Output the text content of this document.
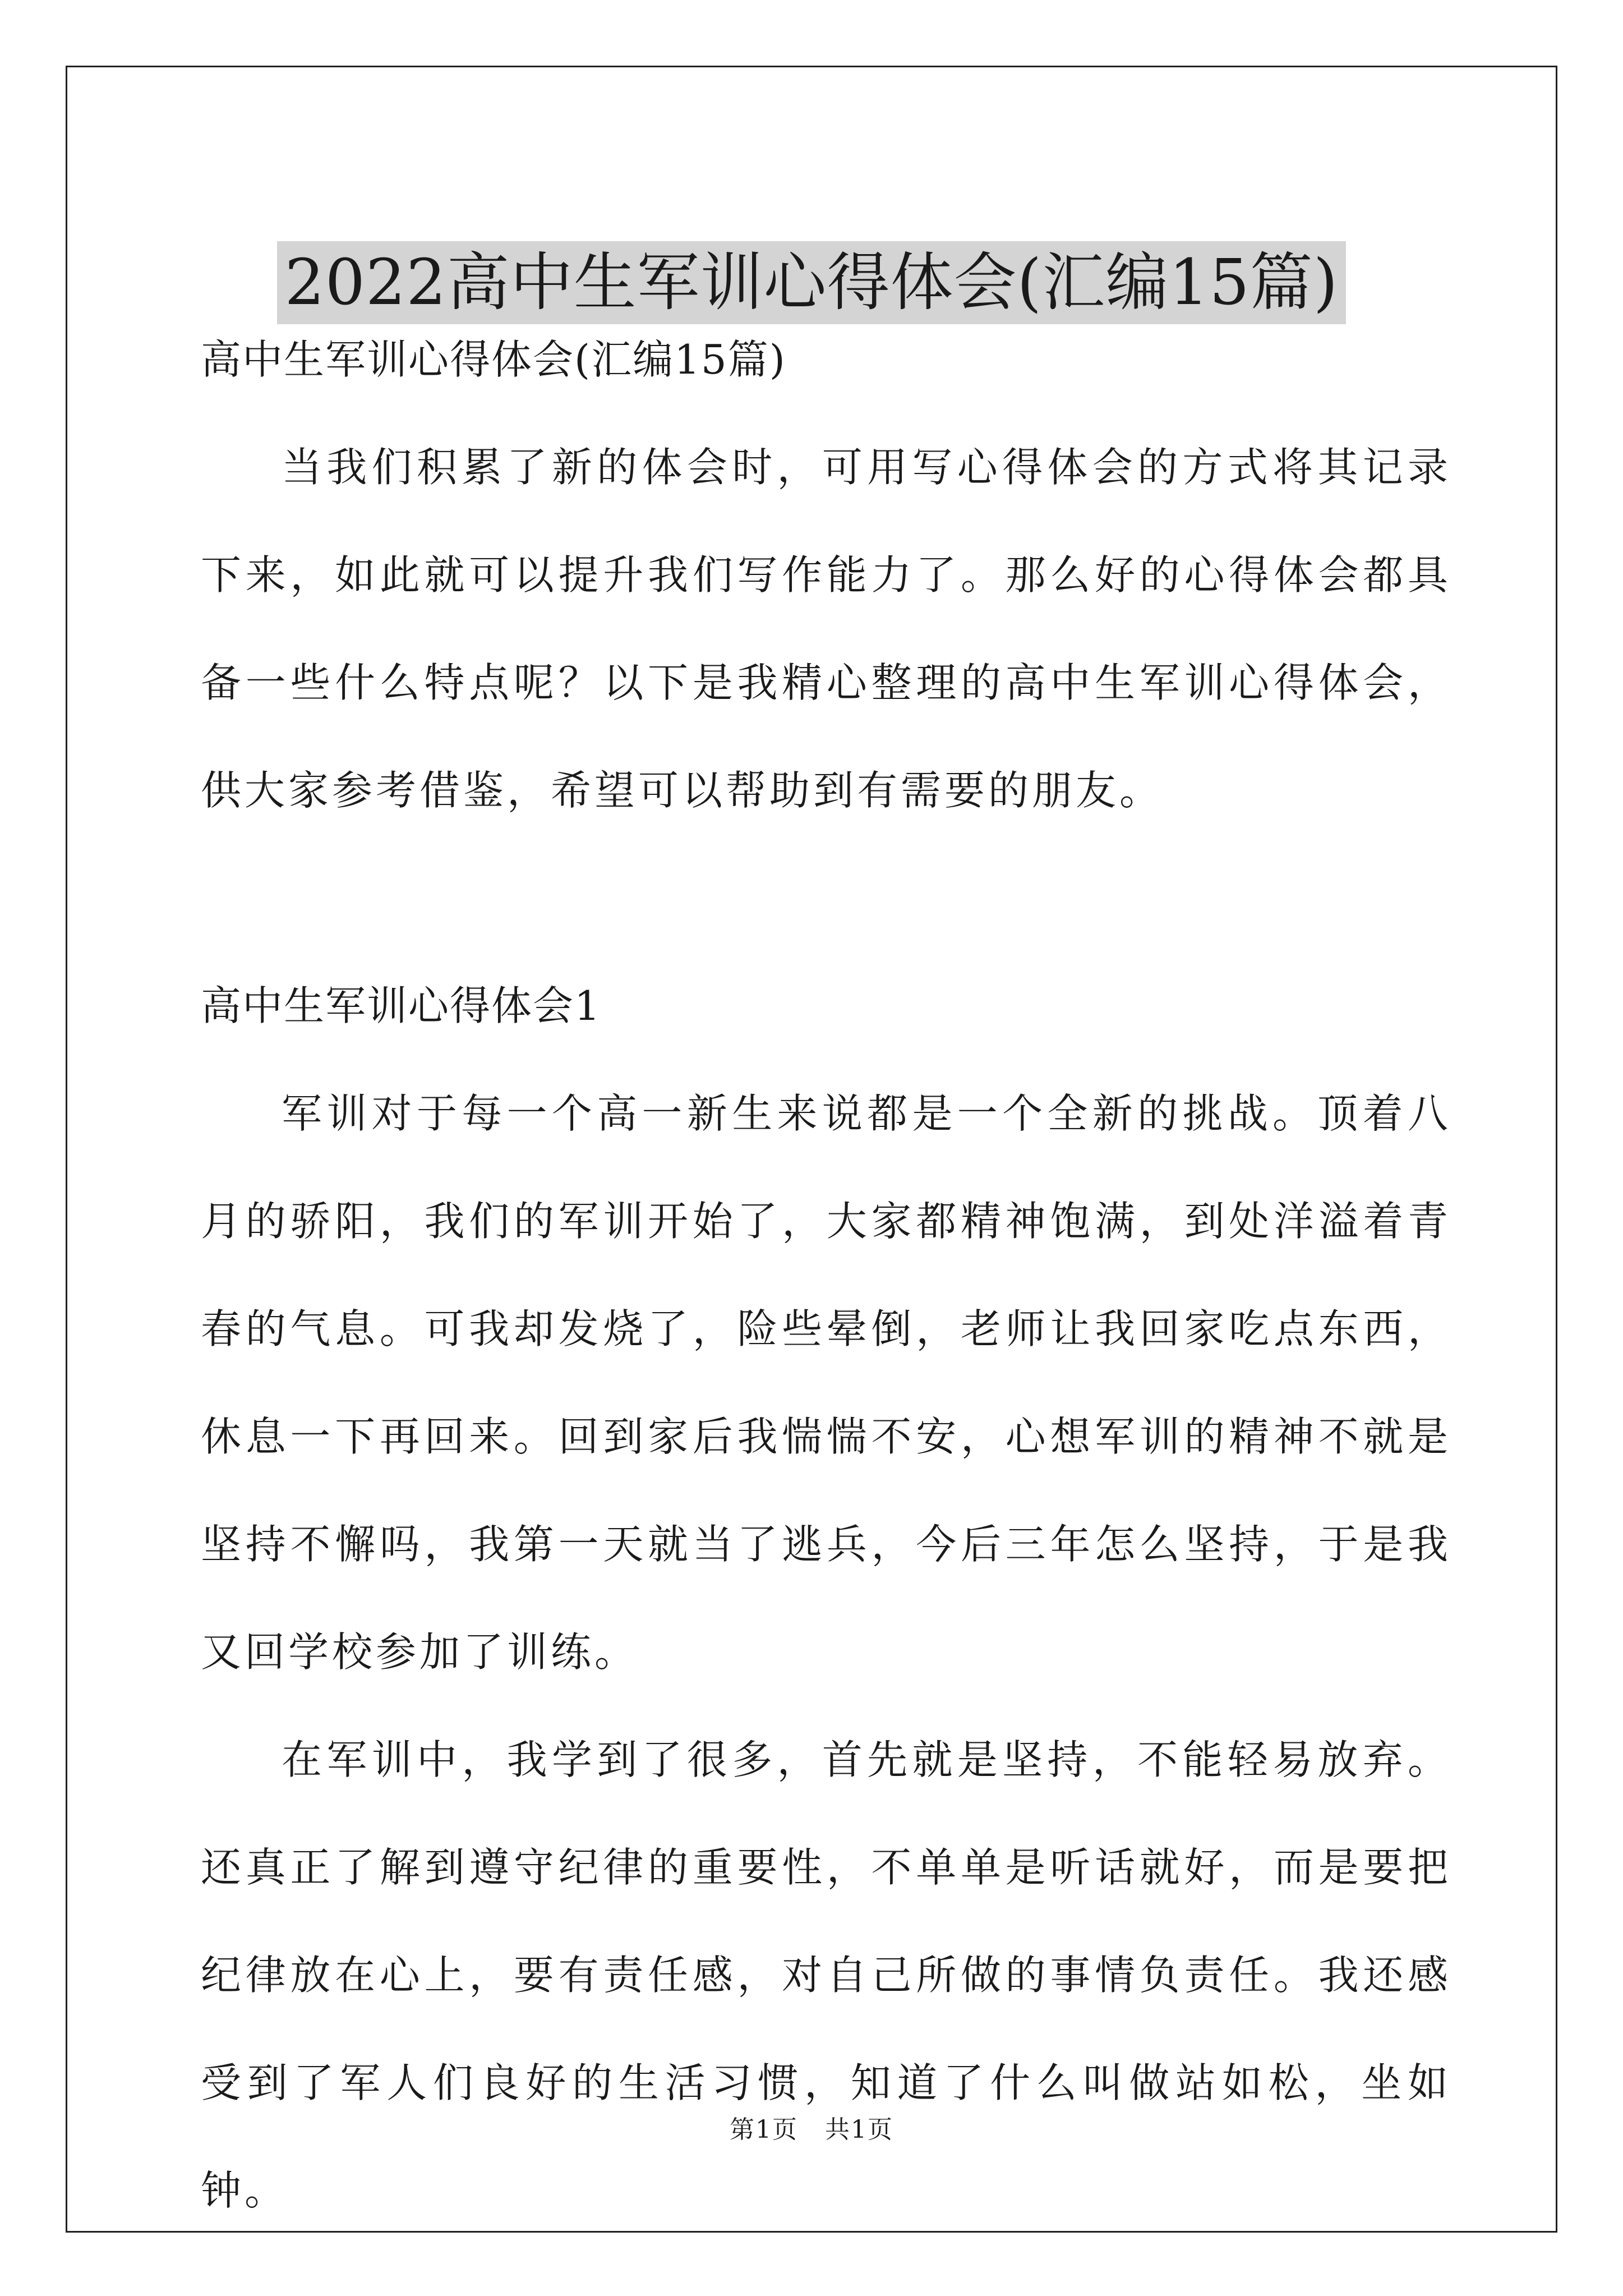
2022高中生军训心得体会(汇编15篇)

高中生军训心得体会(汇编15篇)

当我们积累了新的体会时，可用写心得体会的方式将其记录下来，如此就可以提升我们写作能力了。那么好的心得体会都具备一些什么特点呢？以下是我精心整理的高中生军训心得体会，供大家参考借鉴，希望可以帮助到有需要的朋友。

高中生军训心得体会1

军训对于每一个高一新生来说都是一个全新的挑战。顶着八月的骄阳，我们的军训开始了，大家都精神饱满，到处洋溢着青春的气息。可我却发烧了，险些晕倒，老师让我回家吃点东西，休息一下再回来。回到家后我惴惴不安，心想军训的精神不就是坚持不懈吗，我第一天就当了逃兵，今后三年怎么坚持，于是我又回学校参加了训练。

在军训中，我学到了很多，首先就是坚持，不能轻易放弃。还真正了解到遵守纪律的重要性，不单单是听话就好，而是要把纪律放在心上，要有责任感，对自己所做的事情负责任。我还感受到了军人们良好的生活习惯，知道了什么叫做站如松，坐如钟。

第1页   共1页
